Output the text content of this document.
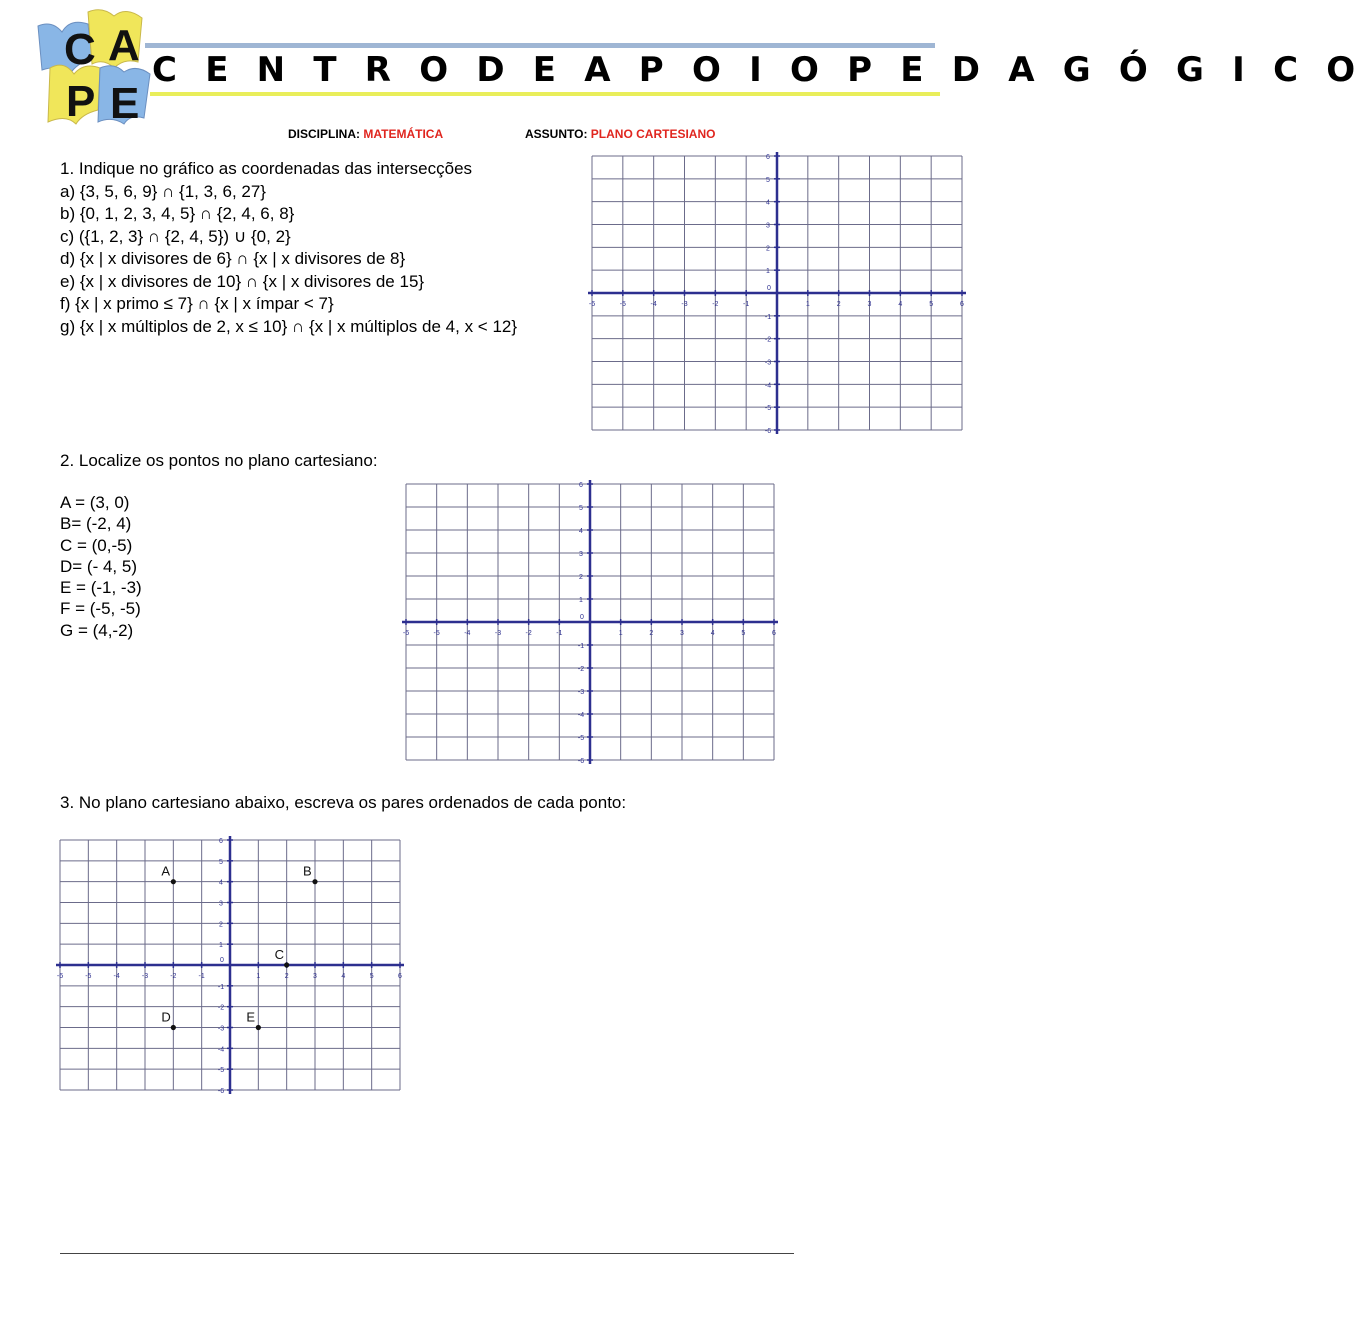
C A
P E
C E N T R O D E A P O I O P E D A G Ó G I C O
DISCIPLINA: MATEMÁTICA	ASSUNTO: PLANO CARTESIANO
1. Indique no gráfico as coordenadas das intersecções
a) {3, 5, 6, 9} ∩ {1, 3, 6, 27}
b) {0, 1, 2, 3, 4, 5} ∩ {2, 4, 6, 8}
c) ({1, 2, 3} ∩ {2, 4, 5}) ∪ {0, 2}
d) {x | x divisores de 6} ∩ {x | x divisores de 8}
e) {x | x divisores de 10} ∩ {x | x divisores de 15}
f) {x | x primo ≤ 7} ∩ {x | x ímpar < 7}
g) {x | x múltiplos de 2, x ≤ 10} ∩ {x | x múltiplos de 4, x < 12}
-6	-5	-4	-3	-2	-1	1	2	3	4	5	6
6
5
4
3
2
1
-1
-2
-3
-4
-5
-6
0
2. Localize os pontos no plano cartesiano:
A = (3, 0)
B= (-2, 4)
C = (0,-5)
D= (- 4, 5)
E = (-1, -3)
F = (-5, -5)
G = (4,-2)	-6	-5	-4	-3	-2	-1	1	2	3	4	5	6
6
5
4
3
2
1
-1
-2
-3
-4
-5
-6
0
3. No plano cartesiano abaixo, escreva os pares ordenados de cada ponto:
-6	-5	-4	-3	-2	-1	1	2	3	4	5	6
6
5
4
3
2
1
-1
-2
-3
-4
-5
-6
0
A	B
C
D	E
